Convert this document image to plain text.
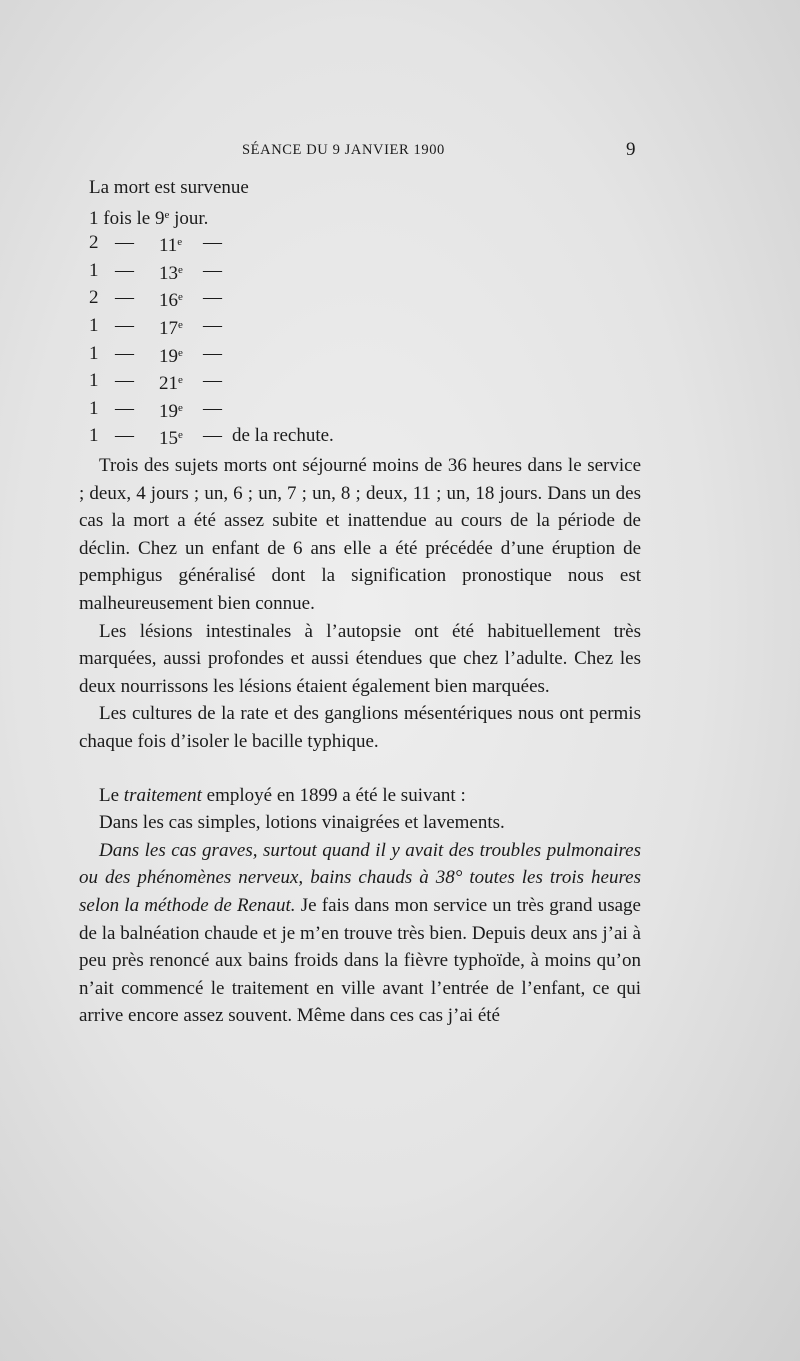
SÉANCE DU 9 JANVIER 1900	9
La mort est survenue
1 fois le 9e jour.
2 — 11e —
1 — 13e —
2 — 16e —
1 — 17e —
1 — 19e —
1 — 21e —
1 — 19e —
1 — 15e — de la rechute.

Trois des sujets morts ont séjourné moins de 36 heures dans le service ; deux, 4 jours ; un, 6 ; un, 7 ; un, 8 ; deux, 11 ; un, 18 jours. Dans un des cas la mort a été assez subite et inattendue au cours de la période de déclin. Chez un enfant de 6 ans elle a été précédée d’une éruption de pemphigus généralisé dont la signification pronostique nous est malheureusement bien connue.

Les lésions intestinales à l’autopsie ont été habituellement très marquées, aussi profondes et aussi étendues que chez l’adulte. Chez les deux nourrissons les lésions étaient également bien marquées.

Les cultures de la rate et des ganglions mésentériques nous ont permis chaque fois d’isoler le bacille typhique.

Le traitement employé en 1899 a été le suivant :

Dans les cas simples, lotions vinaigrées et lavements.

Dans les cas graves, surtout quand il y avait des troubles pulmonaires ou des phénomènes nerveux, bains chauds à 38° toutes les trois heures selon la méthode de Renaut. Je fais dans mon service un très grand usage de la balnéation chaude et je m’en trouve très bien. Depuis deux ans j’ai à peu près renoncé aux bains froids dans la fièvre typhoïde, à moins qu’on n’ait commencé le traitement en ville avant l’entrée de l’enfant, ce qui arrive encore assez souvent. Même dans ces cas j’ai été
